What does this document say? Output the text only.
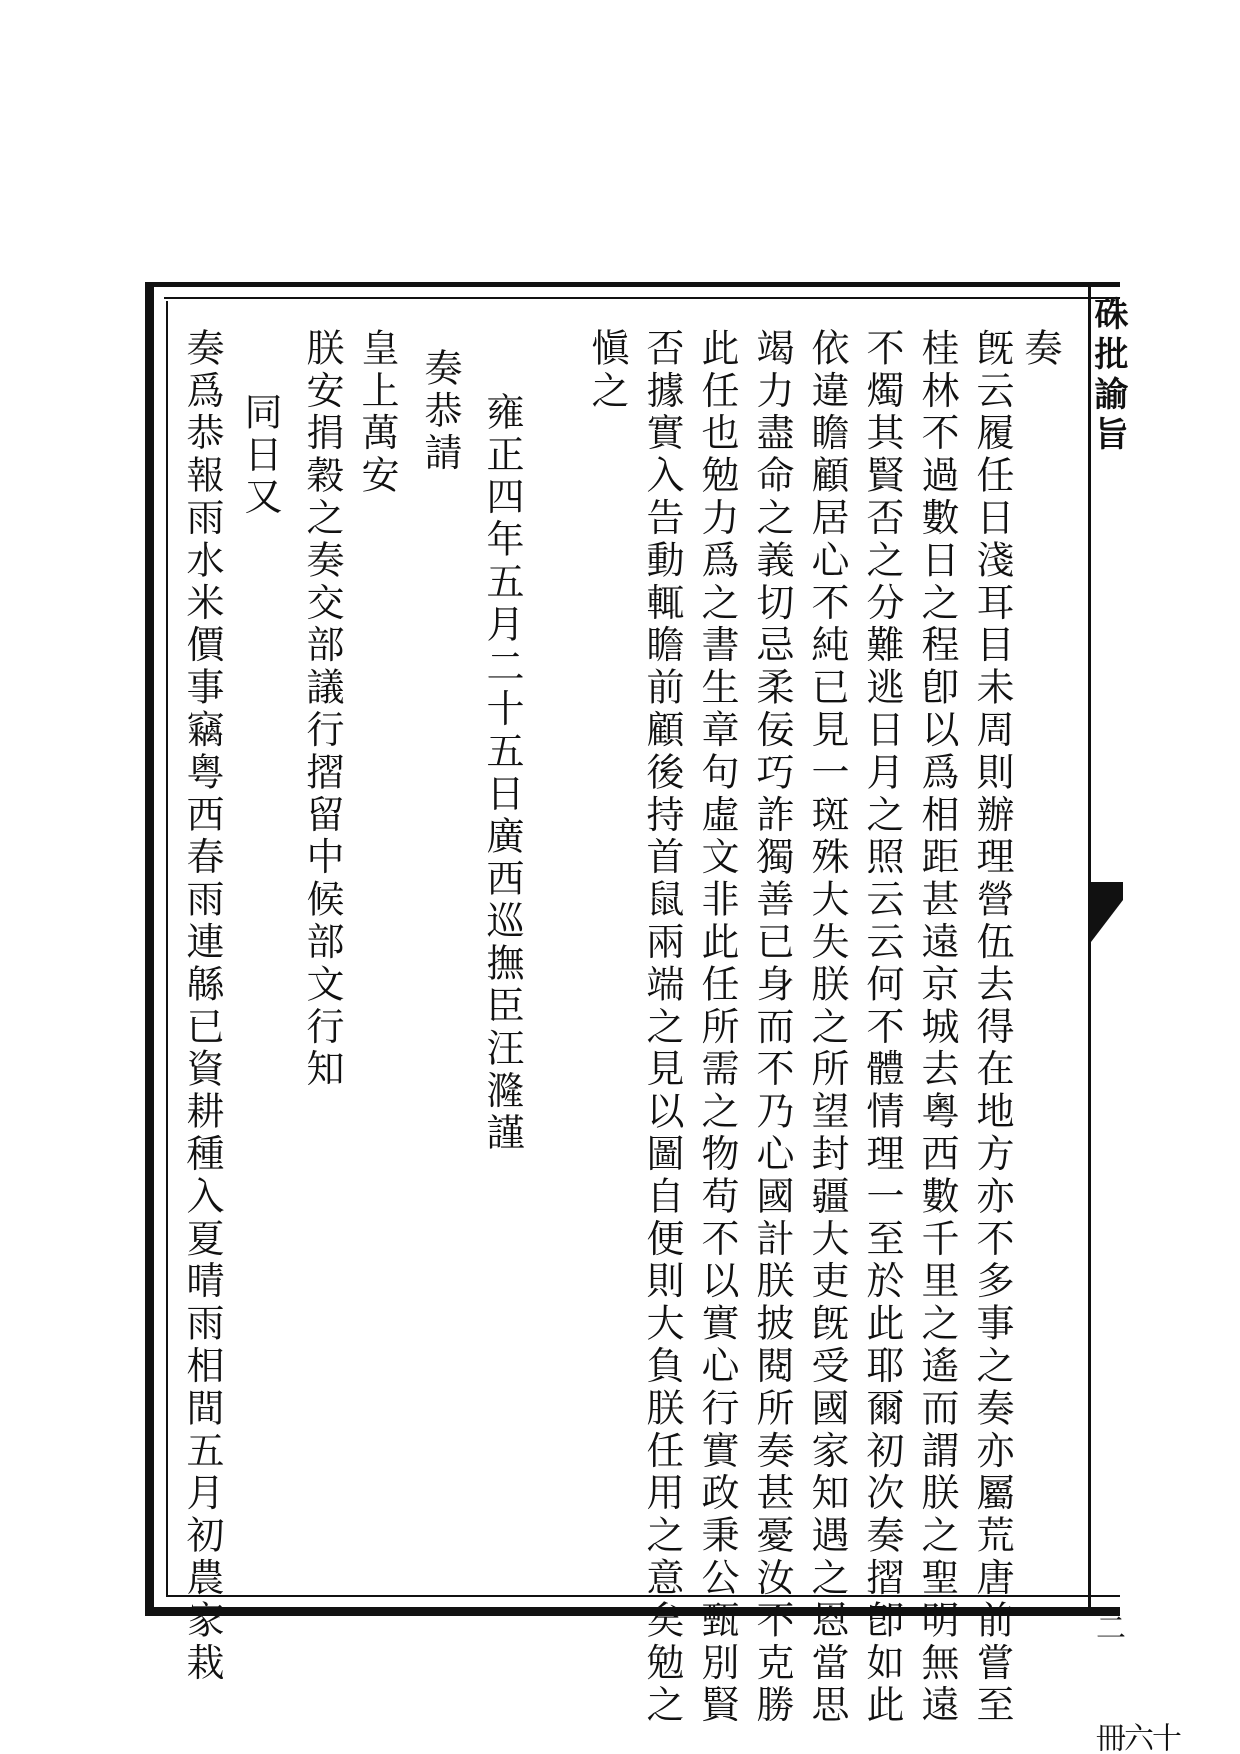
硃批諭旨
二
十六冊
奏
旣云履任日淺耳目未周則辦理營伍去得在地方亦不多事之奏亦屬荒唐前嘗至
桂林不過數日之程卽以爲相距甚遠京城去粵西數千里之遙而謂朕之聖明無遠
不燭其賢否之分難逃日月之照云云何不體情理一至於此耶爾初次奏摺卽如此
依違瞻顧居心不純已見一斑殊大失朕之所望封疆大吏旣受國家知遇之恩當思
竭力盡命之義切忌柔佞巧詐獨善已身而不乃心國計朕披閱所奏甚憂汝不克勝
此任也勉力爲之書生章句虛文非此任所需之物苟不以實心行實政秉公甄別賢
否據實入告動輒瞻前顧後持首鼠兩端之見以圖自便則大負朕任用之意矣勉之
愼之
雍正四年五月二十五日廣西巡撫臣汪漋謹
奏恭請
皇上萬安
朕安捐穀之奏交部議行摺留中候部文行知
同日又
奏爲恭報雨水米價事竊粤西春雨連緜已資耕種入夏晴雨相間五月初農家栽
